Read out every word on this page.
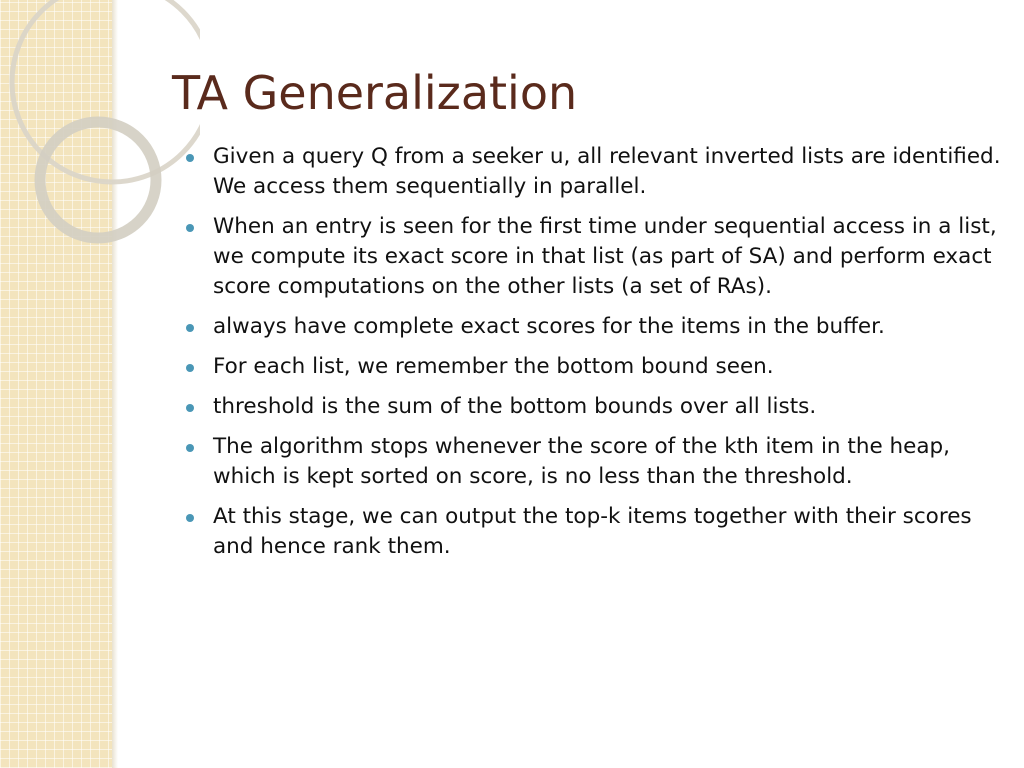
TA Generalization
Given a query Q from a seeker u, all relevant inverted lists are identified. We access them sequentially in parallel.
When an entry is seen for the first time under sequential access in a list, we compute its exact score in that list (as part of SA) and perform exact score computations on the other lists (a set of RAs).
always have complete exact scores for the items in the buffer.
For each list, we remember the bottom bound seen.
threshold is the sum of the bottom bounds over all lists.
The algorithm stops whenever the score of the kth item in the heap, which is kept sorted on score, is no less than the threshold.
At this stage, we can output the top-k items together with their scores and hence rank them.
